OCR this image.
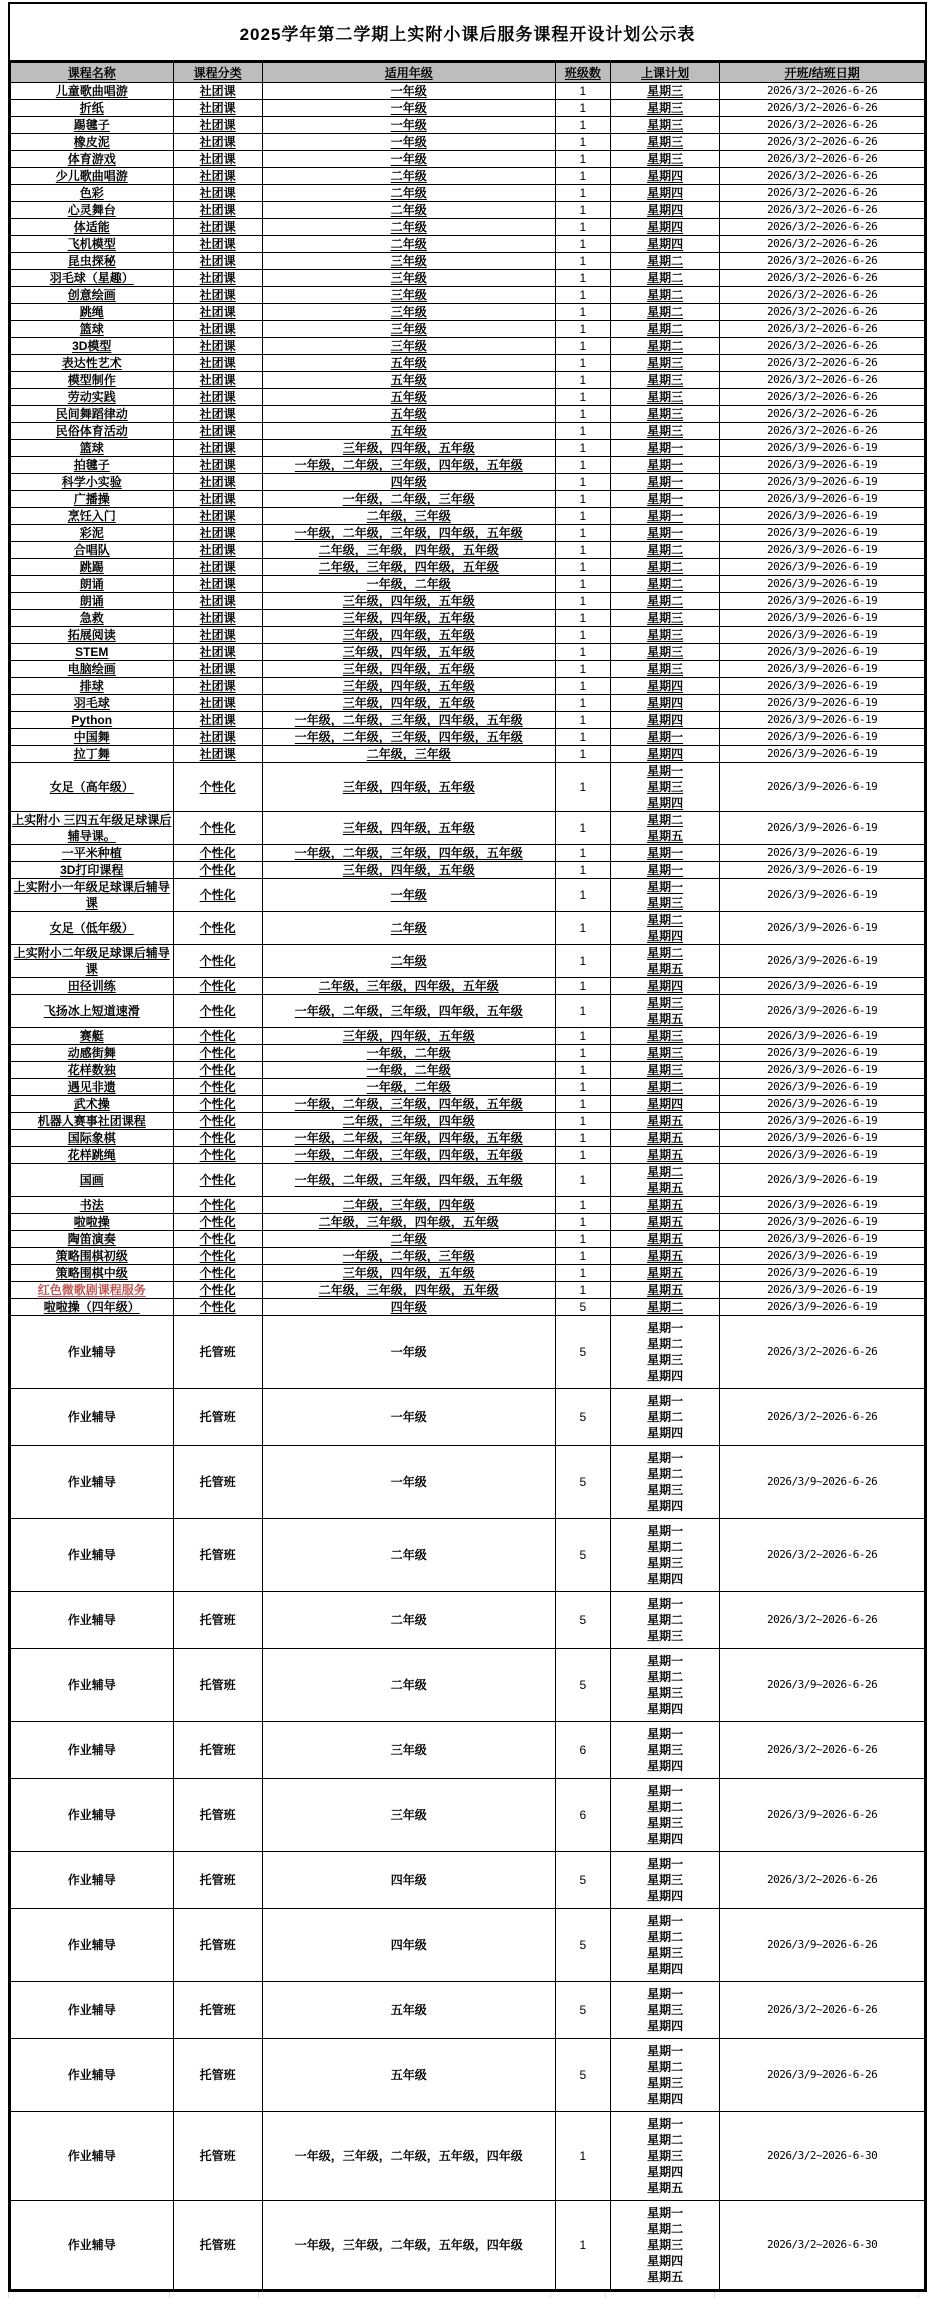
2025学年第二学期上实附小课后服务课程开设计划公示表
课程名称	课程分类	适用年级	班级数	上课计划	开班/结班日期
儿童歌曲唱游	社团课	一年级	1	星期三	2026/3/2~2026-6-26
折纸	社团课	一年级	1	星期三	2026/3/2~2026-6-26
踢毽子	社团课	一年级	1	星期三	2026/3/2~2026-6-26
橡皮泥	社团课	一年级	1	星期三	2026/3/2~2026-6-26
体育游戏	社团课	一年级	1	星期三	2026/3/2~2026-6-26
少儿歌曲唱游	社团课	二年级	1	星期四	2026/3/2~2026-6-26
色彩	社团课	二年级	1	星期四	2026/3/2~2026-6-26
心灵舞台	社团课	二年级	1	星期四	2026/3/2~2026-6-26
体适能	社团课	二年级	1	星期四	2026/3/2~2026-6-26
飞机模型	社团课	二年级	1	星期四	2026/3/2~2026-6-26
昆虫探秘	社团课	三年级	1	星期二	2026/3/2~2026-6-26
羽毛球（星趣）	社团课	三年级	1	星期二	2026/3/2~2026-6-26
创意绘画	社团课	三年级	1	星期二	2026/3/2~2026-6-26
跳绳	社团课	三年级	1	星期二	2026/3/2~2026-6-26
篮球	社团课	三年级	1	星期二	2026/3/2~2026-6-26
3D模型	社团课	三年级	1	星期二	2026/3/2~2026-6-26
表达性艺术	社团课	五年级	1	星期三	2026/3/2~2026-6-26
模型制作	社团课	五年级	1	星期三	2026/3/2~2026-6-26
劳动实践	社团课	五年级	1	星期三	2026/3/2~2026-6-26
民间舞蹈律动	社团课	五年级	1	星期三	2026/3/2~2026-6-26
民俗体育活动	社团课	五年级	1	星期三	2026/3/2~2026-6-26
篮球	社团课	三年级，四年级，五年级	1	星期一	2026/3/9~2026-6-19
拍毽子	社团课	一年级，二年级，三年级，四年级，五年级	1	星期一	2026/3/9~2026-6-19
科学小实验	社团课	四年级	1	星期一	2026/3/9~2026-6-19
广播操	社团课	一年级，二年级，三年级	1	星期一	2026/3/9~2026-6-19
烹饪入门	社团课	二年级，三年级	1	星期一	2026/3/9~2026-6-19
彩泥	社团课	一年级，二年级，三年级，四年级，五年级	1	星期一	2026/3/9~2026-6-19
合唱队	社团课	二年级，三年级，四年级，五年级	1	星期二	2026/3/9~2026-6-19
跳踢	社团课	二年级，三年级，四年级，五年级	1	星期二	2026/3/9~2026-6-19
朗诵	社团课	一年级，二年级	1	星期二	2026/3/9~2026-6-19
朗诵	社团课	三年级，四年级，五年级	1	星期二	2026/3/9~2026-6-19
急救	社团课	三年级，四年级，五年级	1	星期三	2026/3/9~2026-6-19
拓展阅读	社团课	三年级，四年级，五年级	1	星期三	2026/3/9~2026-6-19
STEM	社团课	三年级，四年级，五年级	1	星期三	2026/3/9~2026-6-19
电脑绘画	社团课	三年级，四年级，五年级	1	星期三	2026/3/9~2026-6-19
排球	社团课	三年级，四年级，五年级	1	星期四	2026/3/9~2026-6-19
羽毛球	社团课	三年级，四年级，五年级	1	星期四	2026/3/9~2026-6-19
Python	社团课	一年级，二年级，三年级，四年级，五年级	1	星期四	2026/3/9~2026-6-19
中国舞	社团课	一年级，二年级，三年级，四年级，五年级	1	星期一	2026/3/9~2026-6-19
拉丁舞	社团课	二年级，三年级	1	星期四	2026/3/9~2026-6-19
女足（高年级）	个性化	三年级，四年级，五年级	1	星期一
星期三
星期四	2026/3/9~2026-6-19
上实附小 三四五年级足球课后辅导课。	个性化	三年级，四年级，五年级	1	星期二
星期五	2026/3/9~2026-6-19
一平米种植	个性化	一年级，二年级，三年级，四年级，五年级	1	星期一	2026/3/9~2026-6-19
3D打印课程	个性化	三年级，四年级，五年级	1	星期一	2026/3/9~2026-6-19
上实附小一年级足球课后辅导课	个性化	一年级	1	星期一
星期三	2026/3/9~2026-6-19
女足（低年级）	个性化	二年级	1	星期二
星期四	2026/3/9~2026-6-19
上实附小二年级足球课后辅导课	个性化	二年级	1	星期二
星期五	2026/3/9~2026-6-19
田径训练	个性化	二年级，三年级，四年级，五年级	1	星期四	2026/3/9~2026-6-19
飞扬冰上短道速滑	个性化	一年级，二年级，三年级，四年级，五年级	1	星期三
星期五	2026/3/9~2026-6-19
赛艇	个性化	三年级，四年级，五年级	1	星期三	2026/3/9~2026-6-19
动感街舞	个性化	一年级，二年级	1	星期三	2026/3/9~2026-6-19
花样数独	个性化	一年级，二年级	1	星期三	2026/3/9~2026-6-19
遇见非遗	个性化	一年级，二年级	1	星期二	2026/3/9~2026-6-19
武术操	个性化	一年级，二年级，三年级，四年级，五年级	1	星期四	2026/3/9~2026-6-19
机器人赛事社团课程	个性化	二年级，三年级，四年级	1	星期五	2026/3/9~2026-6-19
国际象棋	个性化	一年级，二年级，三年级，四年级，五年级	1	星期五	2026/3/9~2026-6-19
花样跳绳	个性化	一年级，二年级，三年级，四年级，五年级	1	星期五	2026/3/9~2026-6-19
国画	个性化	一年级，二年级，三年级，四年级，五年级	1	星期二
星期五	2026/3/9~2026-6-19
书法	个性化	二年级，三年级，四年级	1	星期五	2026/3/9~2026-6-19
啦啦操	个性化	二年级，三年级，四年级，五年级	1	星期五	2026/3/9~2026-6-19
陶笛演奏	个性化	二年级	1	星期五	2026/3/9~2026-6-19
策略围棋初级	个性化	一年级，二年级，三年级	1	星期五	2026/3/9~2026-6-19
策略围棋中级	个性化	三年级，四年级，五年级	1	星期五	2026/3/9~2026-6-19
红色微歌剧课程服务	个性化	二年级，三年级，四年级，五年级	1	星期五	2026/3/9~2026-6-19
啦啦操（四年级）	个性化	四年级	5	星期二	2026/3/9~2026-6-19
作业辅导	托管班	一年级	5	星期一
星期二
星期三
星期四	2026/3/2~2026-6-26
作业辅导	托管班	一年级	5	星期一
星期二
星期四	2026/3/2~2026-6-26
作业辅导	托管班	一年级	5	星期一
星期二
星期三
星期四	2026/3/9~2026-6-26
作业辅导	托管班	二年级	5	星期一
星期二
星期三
星期四	2026/3/2~2026-6-26
作业辅导	托管班	二年级	5	星期一
星期二
星期三	2026/3/2~2026-6-26
作业辅导	托管班	二年级	5	星期一
星期二
星期三
星期四	2026/3/9~2026-6-26
作业辅导	托管班	三年级	6	星期一
星期三
星期四	2026/3/2~2026-6-26
作业辅导	托管班	三年级	6	星期一
星期二
星期三
星期四	2026/3/9~2026-6-26
作业辅导	托管班	四年级	5	星期一
星期三
星期四	2026/3/2~2026-6-26
作业辅导	托管班	四年级	5	星期一
星期二
星期三
星期四	2026/3/9~2026-6-26
作业辅导	托管班	五年级	5	星期一
星期三
星期四	2026/3/2~2026-6-26
作业辅导	托管班	五年级	5	星期一
星期二
星期三
星期四	2026/3/9~2026-6-26
作业辅导	托管班	一年级，三年级，二年级，五年级，四年级	1	星期一
星期二
星期三
星期四
星期五	2026/3/2~2026-6-30
作业辅导	托管班	一年级，三年级，二年级，五年级，四年级	1	星期一
星期二
星期三
星期四
星期五	2026/3/2~2026-6-30
